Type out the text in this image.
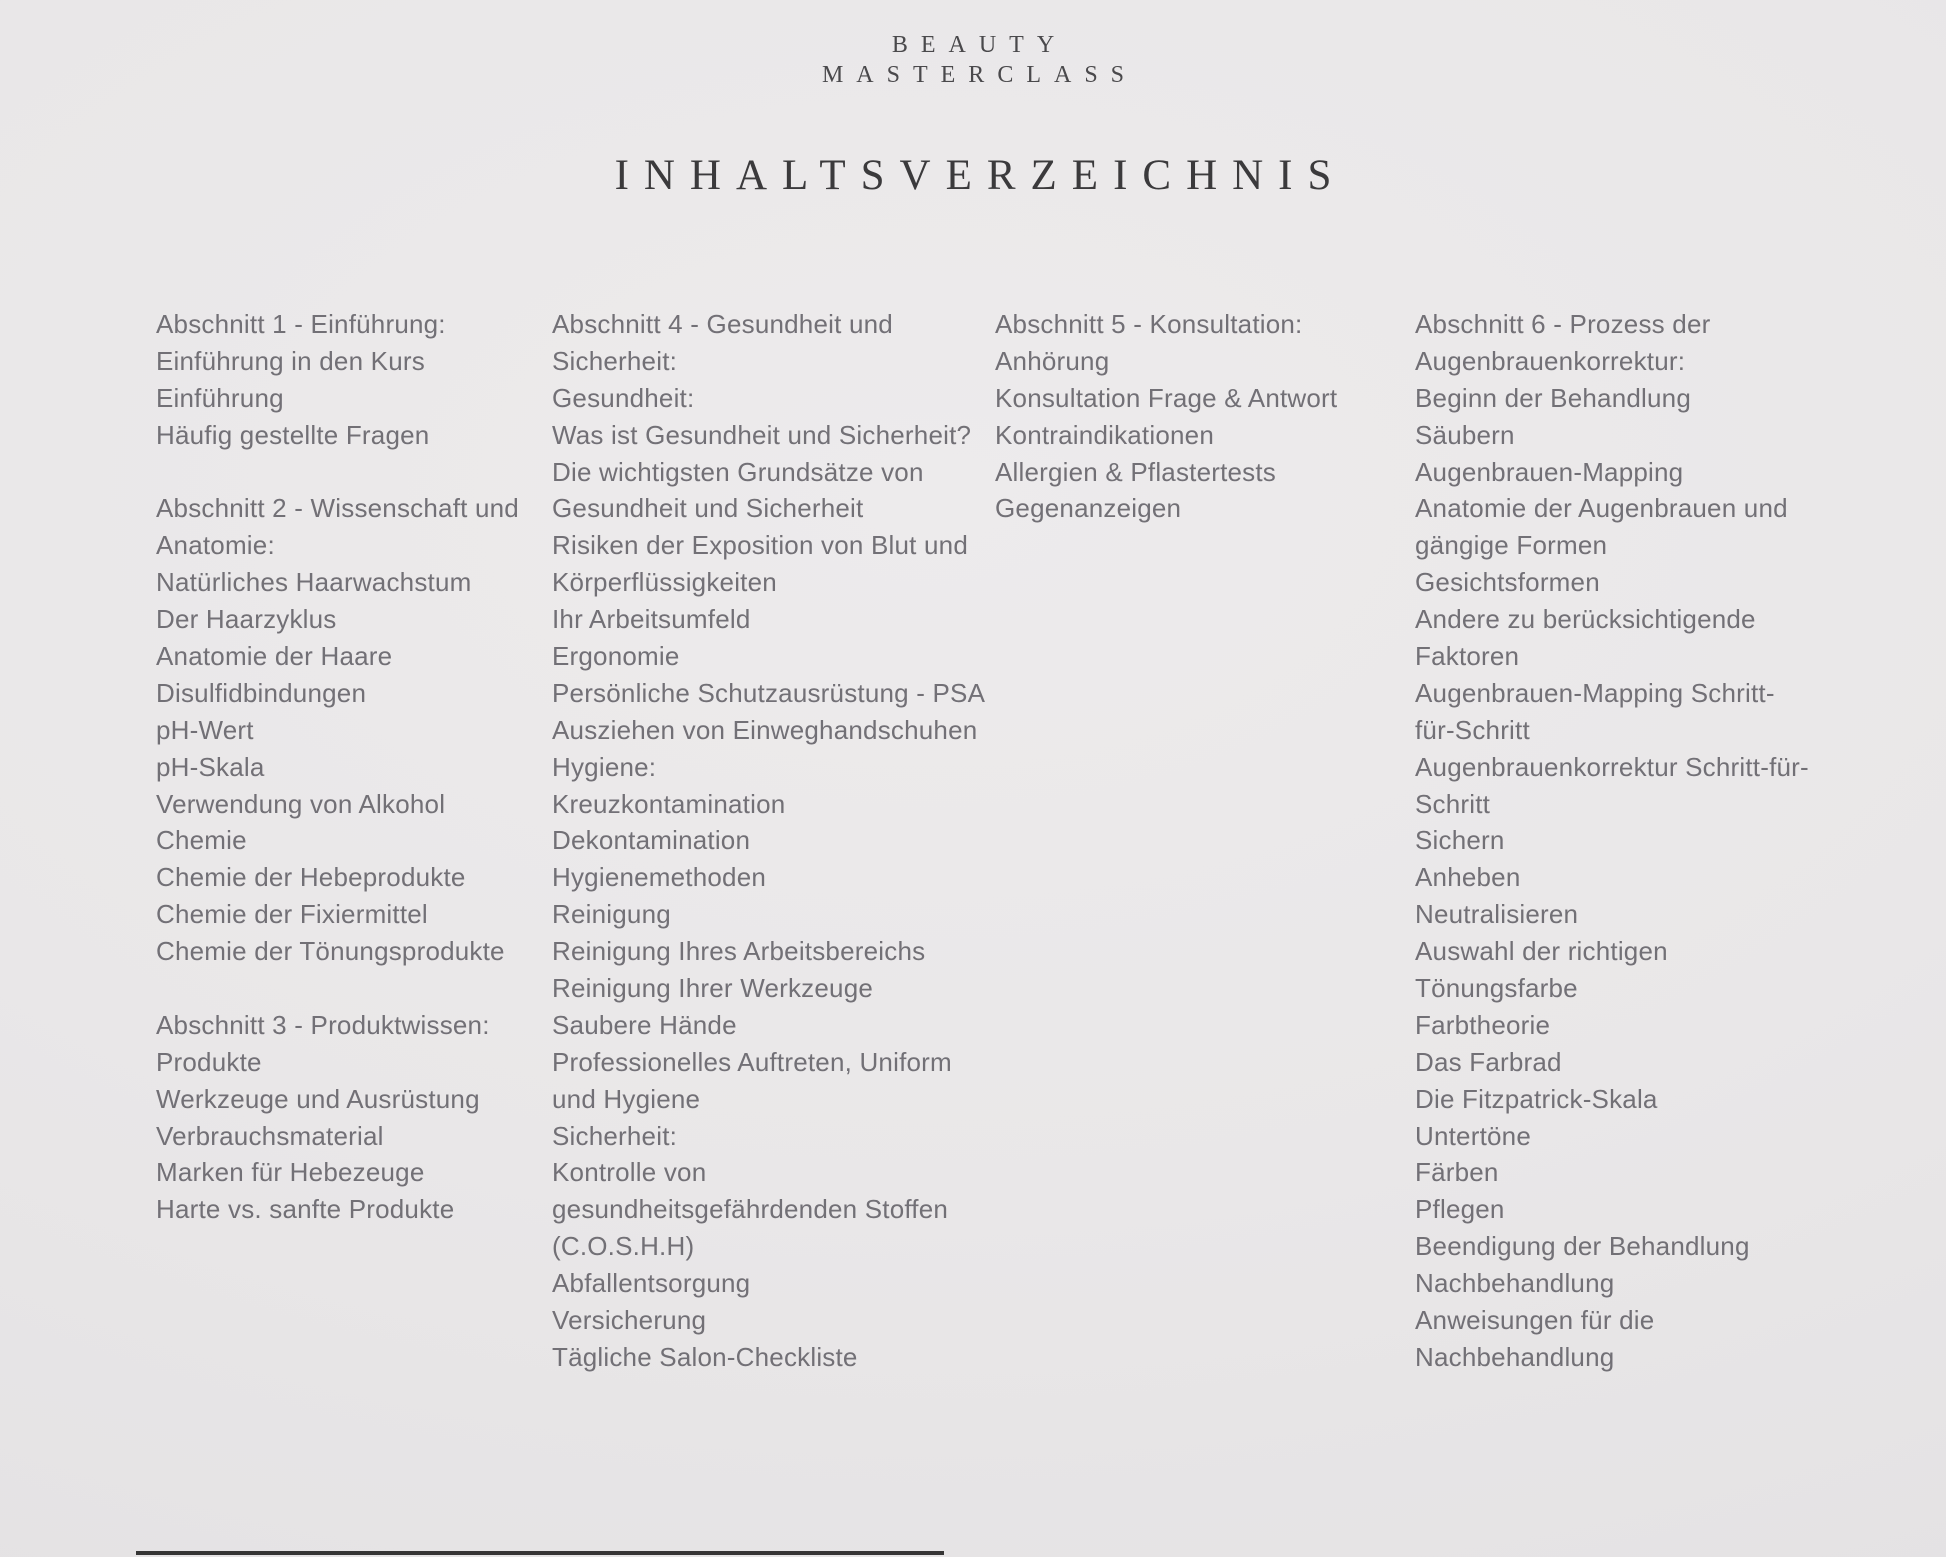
BEAUTY
MASTERCLASS
INHALTSVERZEICHNIS
Abschnitt 1 - Einführung:
Einführung in den Kurs
Einführung
Häufig gestellte Fragen
Abschnitt 2 - Wissenschaft und
Anatomie:
Natürliches Haarwachstum
Der Haarzyklus
Anatomie der Haare
Disulfidbindungen
pH-Wert
pH-Skala
Verwendung von Alkohol
Chemie
Chemie der Hebeprodukte
Chemie der Fixiermittel
Chemie der Tönungsprodukte
Abschnitt 3 - Produktwissen:
Produkte
Werkzeuge und Ausrüstung
Verbrauchsmaterial
Marken für Hebezeuge
Harte vs. sanfte Produkte
Abschnitt 4 - Gesundheit und
Sicherheit:
Gesundheit:
Was ist Gesundheit und Sicherheit?
Die wichtigsten Grundsätze von
Gesundheit und Sicherheit
Risiken der Exposition von Blut und
Körperflüssigkeiten
Ihr Arbeitsumfeld
Ergonomie
Persönliche Schutzausrüstung - PSA
Ausziehen von Einweghandschuhen
Hygiene:
Kreuzkontamination
Dekontamination
Hygienemethoden
Reinigung
Reinigung Ihres Arbeitsbereichs
Reinigung Ihrer Werkzeuge
Saubere Hände
Professionelles Auftreten, Uniform
und Hygiene
Sicherheit:
Kontrolle von
gesundheitsgefährdenden Stoffen
(C.O.S.H.H)
Abfallentsorgung
Versicherung
Tägliche Salon-Checkliste
Abschnitt 5 - Konsultation:
Anhörung
Konsultation Frage & Antwort
Kontraindikationen
Allergien & Pflastertests
Gegenanzeigen
Abschnitt 6 - Prozess der
Augenbrauenkorrektur:
Beginn der Behandlung
Säubern
Augenbrauen-Mapping
Anatomie der Augenbrauen und
gängige Formen
Gesichtsformen
Andere zu berücksichtigende
Faktoren
Augenbrauen-Mapping Schritt-
für-Schritt
Augenbrauenkorrektur Schritt-für-
Schritt
Sichern
Anheben
Neutralisieren
Auswahl der richtigen
Tönungsfarbe
Farbtheorie
Das Farbrad
Die Fitzpatrick-Skala
Untertöne
Färben
Pflegen
Beendigung der Behandlung
Nachbehandlung
Anweisungen für die
Nachbehandlung
